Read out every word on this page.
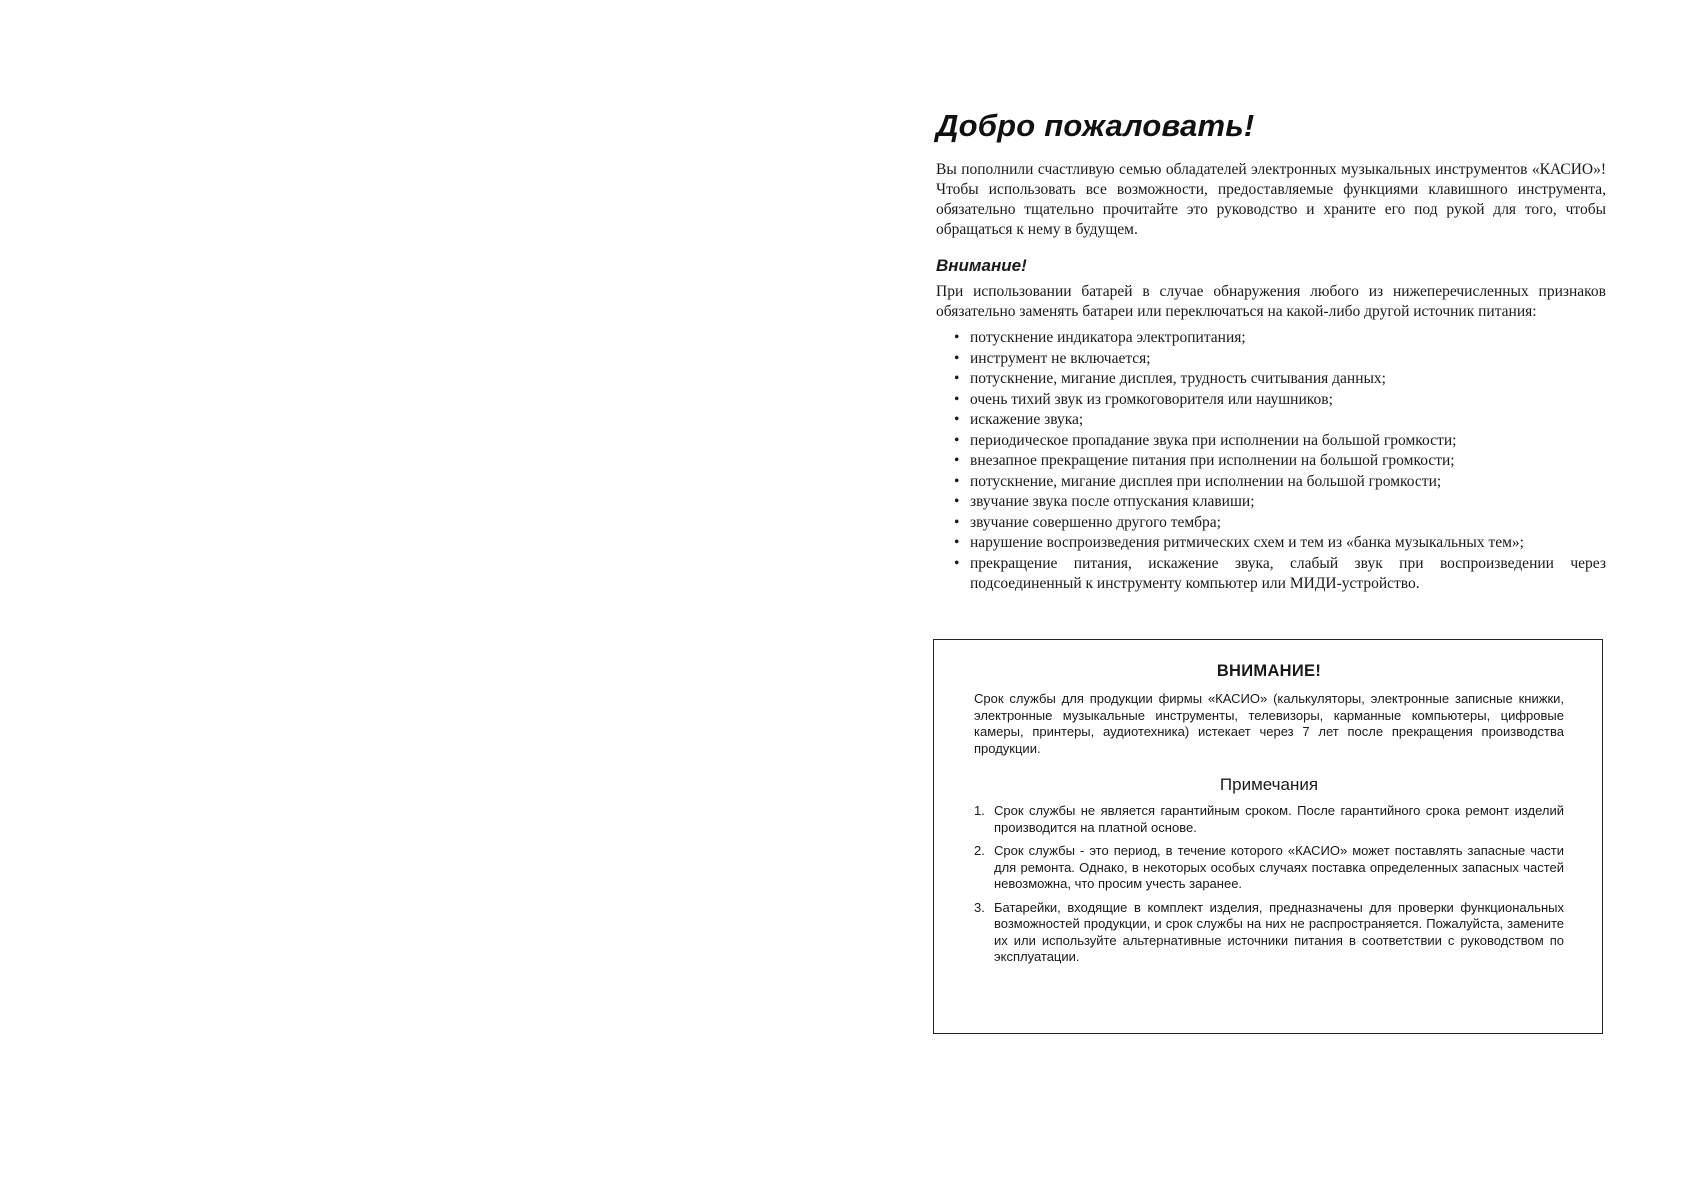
Добро пожаловать!

Вы пополнили счастливую семью обладателей электронных музыкальных инструментов «КАСИО»! Чтобы использовать все возможности, предоставляемые функциями клавишного инструмента, обязательно тщательно прочитайте это руководство и храните его под рукой для того, чтобы обращаться к нему в будущем.

Внимание!

При использовании батарей в случае обнаружения любого из нижеперечисленных признаков обязательно заменять батареи или переключаться на какой-либо другой источник питания:

• потускнение индикатора электропитания;
• инструмент не включается;
• потускнение, мигание дисплея, трудность считывания данных;
• очень тихий звук из громкоговорителя или наушников;
• искажение звука;
• периодическое пропадание звука при исполнении на большой громкости;
• внезапное прекращение питания при исполнении на большой громкости;
• потускнение, мигание дисплея при исполнении на большой громкости;
• звучание звука после отпускания клавиши;
• звучание совершенно другого тембра;
• нарушение воспроизведения ритмических схем и тем из «банка музыкальных тем»;
• прекращение питания, искажение звука, слабый звук при воспроизведении через подсоединенный к инструменту компьютер или МИДИ-устройство.
ВНИМАНИЕ!

Срок службы для продукции фирмы «КАСИО» (калькуляторы, электронные записные книжки, электронные музыкальные инструменты, телевизоры, карманные компьютеры, цифровые камеры, принтеры, аудиотехника) истекает через 7 лет после прекращения производства продукции.

Примечания
1. Срок службы не является гарантийным сроком. После гарантийного срока ремонт изделий производится на платной основе.
2. Срок службы - это период, в течение которого «КАСИО» может поставлять запасные части для ремонта. Однако, в некоторых особых случаях поставка определенных запасных частей невозможна, что просим учесть заранее.
3. Батарейки, входящие в комплект изделия, предназначены для проверки функциональных возможностей продукции, и срок службы на них не распространяется. Пожалуйста, замените их или используйте альтернативные источники питания в соответствии с руководством по эксплуатации.
